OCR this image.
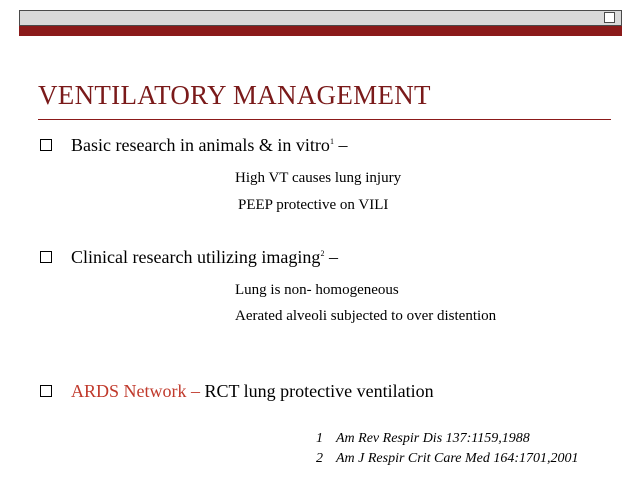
VENTILATORY MANAGEMENT
Basic research in animals & in vitro$^1$ –
High VT causes lung injury
PEEP protective on VILI
Clinical research utilizing imaging$^2$ –
Lung is non- homogeneous
Aerated alveoli subjected to over distention
ARDS Network – RCT lung protective ventilation
1 Am Rev Respir Dis 137:1159,1988
2 Am J Respir Crit Care Med 164:1701,2001
